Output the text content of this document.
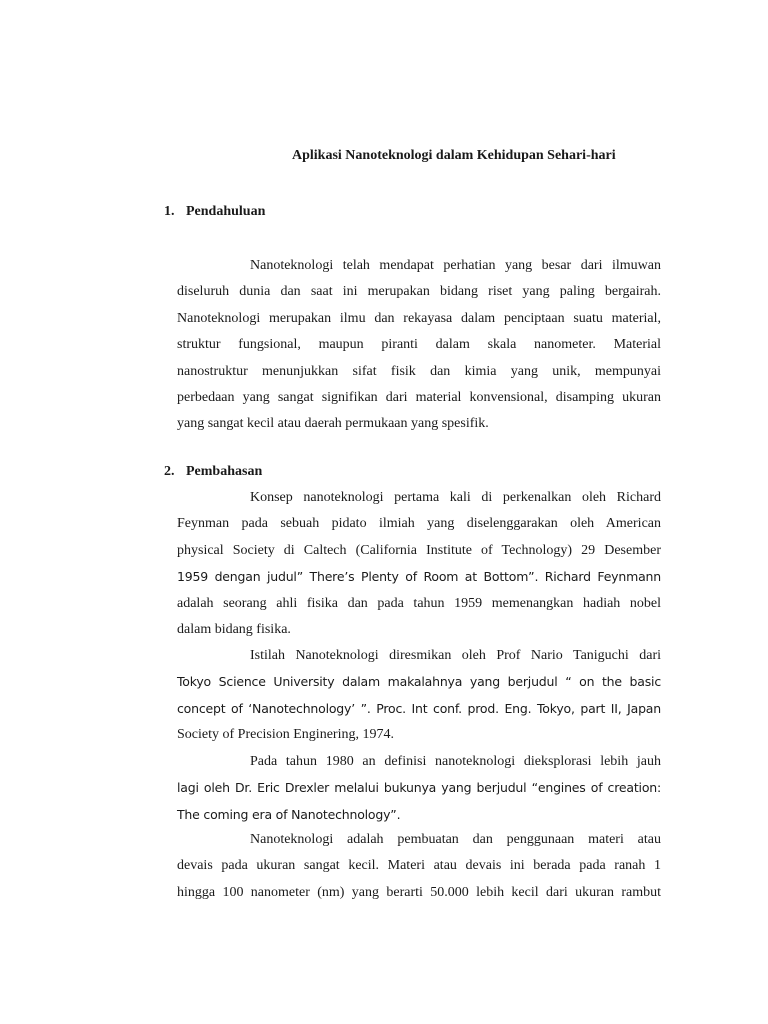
Aplikasi Nanoteknologi dalam Kehidupan Sehari-hari
1. Pendahuluan
Nanoteknologi telah mendapat perhatian yang besar dari ilmuwan
diseluruh dunia dan saat ini merupakan bidang riset yang paling bergairah.
Nanoteknologi merupakan ilmu dan rekayasa dalam penciptaan suatu material,
struktur fungsional, maupun piranti dalam skala nanometer. Material
nanostruktur menunjukkan sifat fisik dan kimia yang unik, mempunyai
perbedaan yang sangat signifikan dari material konvensional, disamping ukuran
yang sangat kecil atau daerah permukaan yang spesifik.
2. Pembahasan
Konsep nanoteknologi pertama kali di perkenalkan oleh Richard
Feynman pada sebuah pidato ilmiah yang diselenggarakan oleh American
physical Society di Caltech (California Institute of Technology) 29 Desember
1959 dengan judul” There’s Plenty of Room at Bottom”. Richard Feynmann
adalah seorang ahli fisika dan pada tahun 1959 memenangkan hadiah nobel
dalam bidang fisika.
Istilah Nanoteknologi diresmikan oleh Prof Nario Taniguchi dari
Tokyo Science University dalam makalahnya yang berjudul “ on the basic
concept of ‘Nanotechnology’ ”. Proc. Int conf. prod. Eng. Tokyo, part II, Japan
Society of Precision Enginering, 1974.
Pada tahun 1980 an definisi nanoteknologi dieksplorasi lebih jauh
lagi oleh Dr. Eric Drexler melalui bukunya yang berjudul “engines of creation:
The coming era of Nanotechnology”.
Nanoteknologi adalah pembuatan dan penggunaan materi atau
devais pada ukuran sangat kecil. Materi atau devais ini berada pada ranah 1
hingga 100 nanometer (nm) yang berarti 50.000 lebih kecil dari ukuran rambut
